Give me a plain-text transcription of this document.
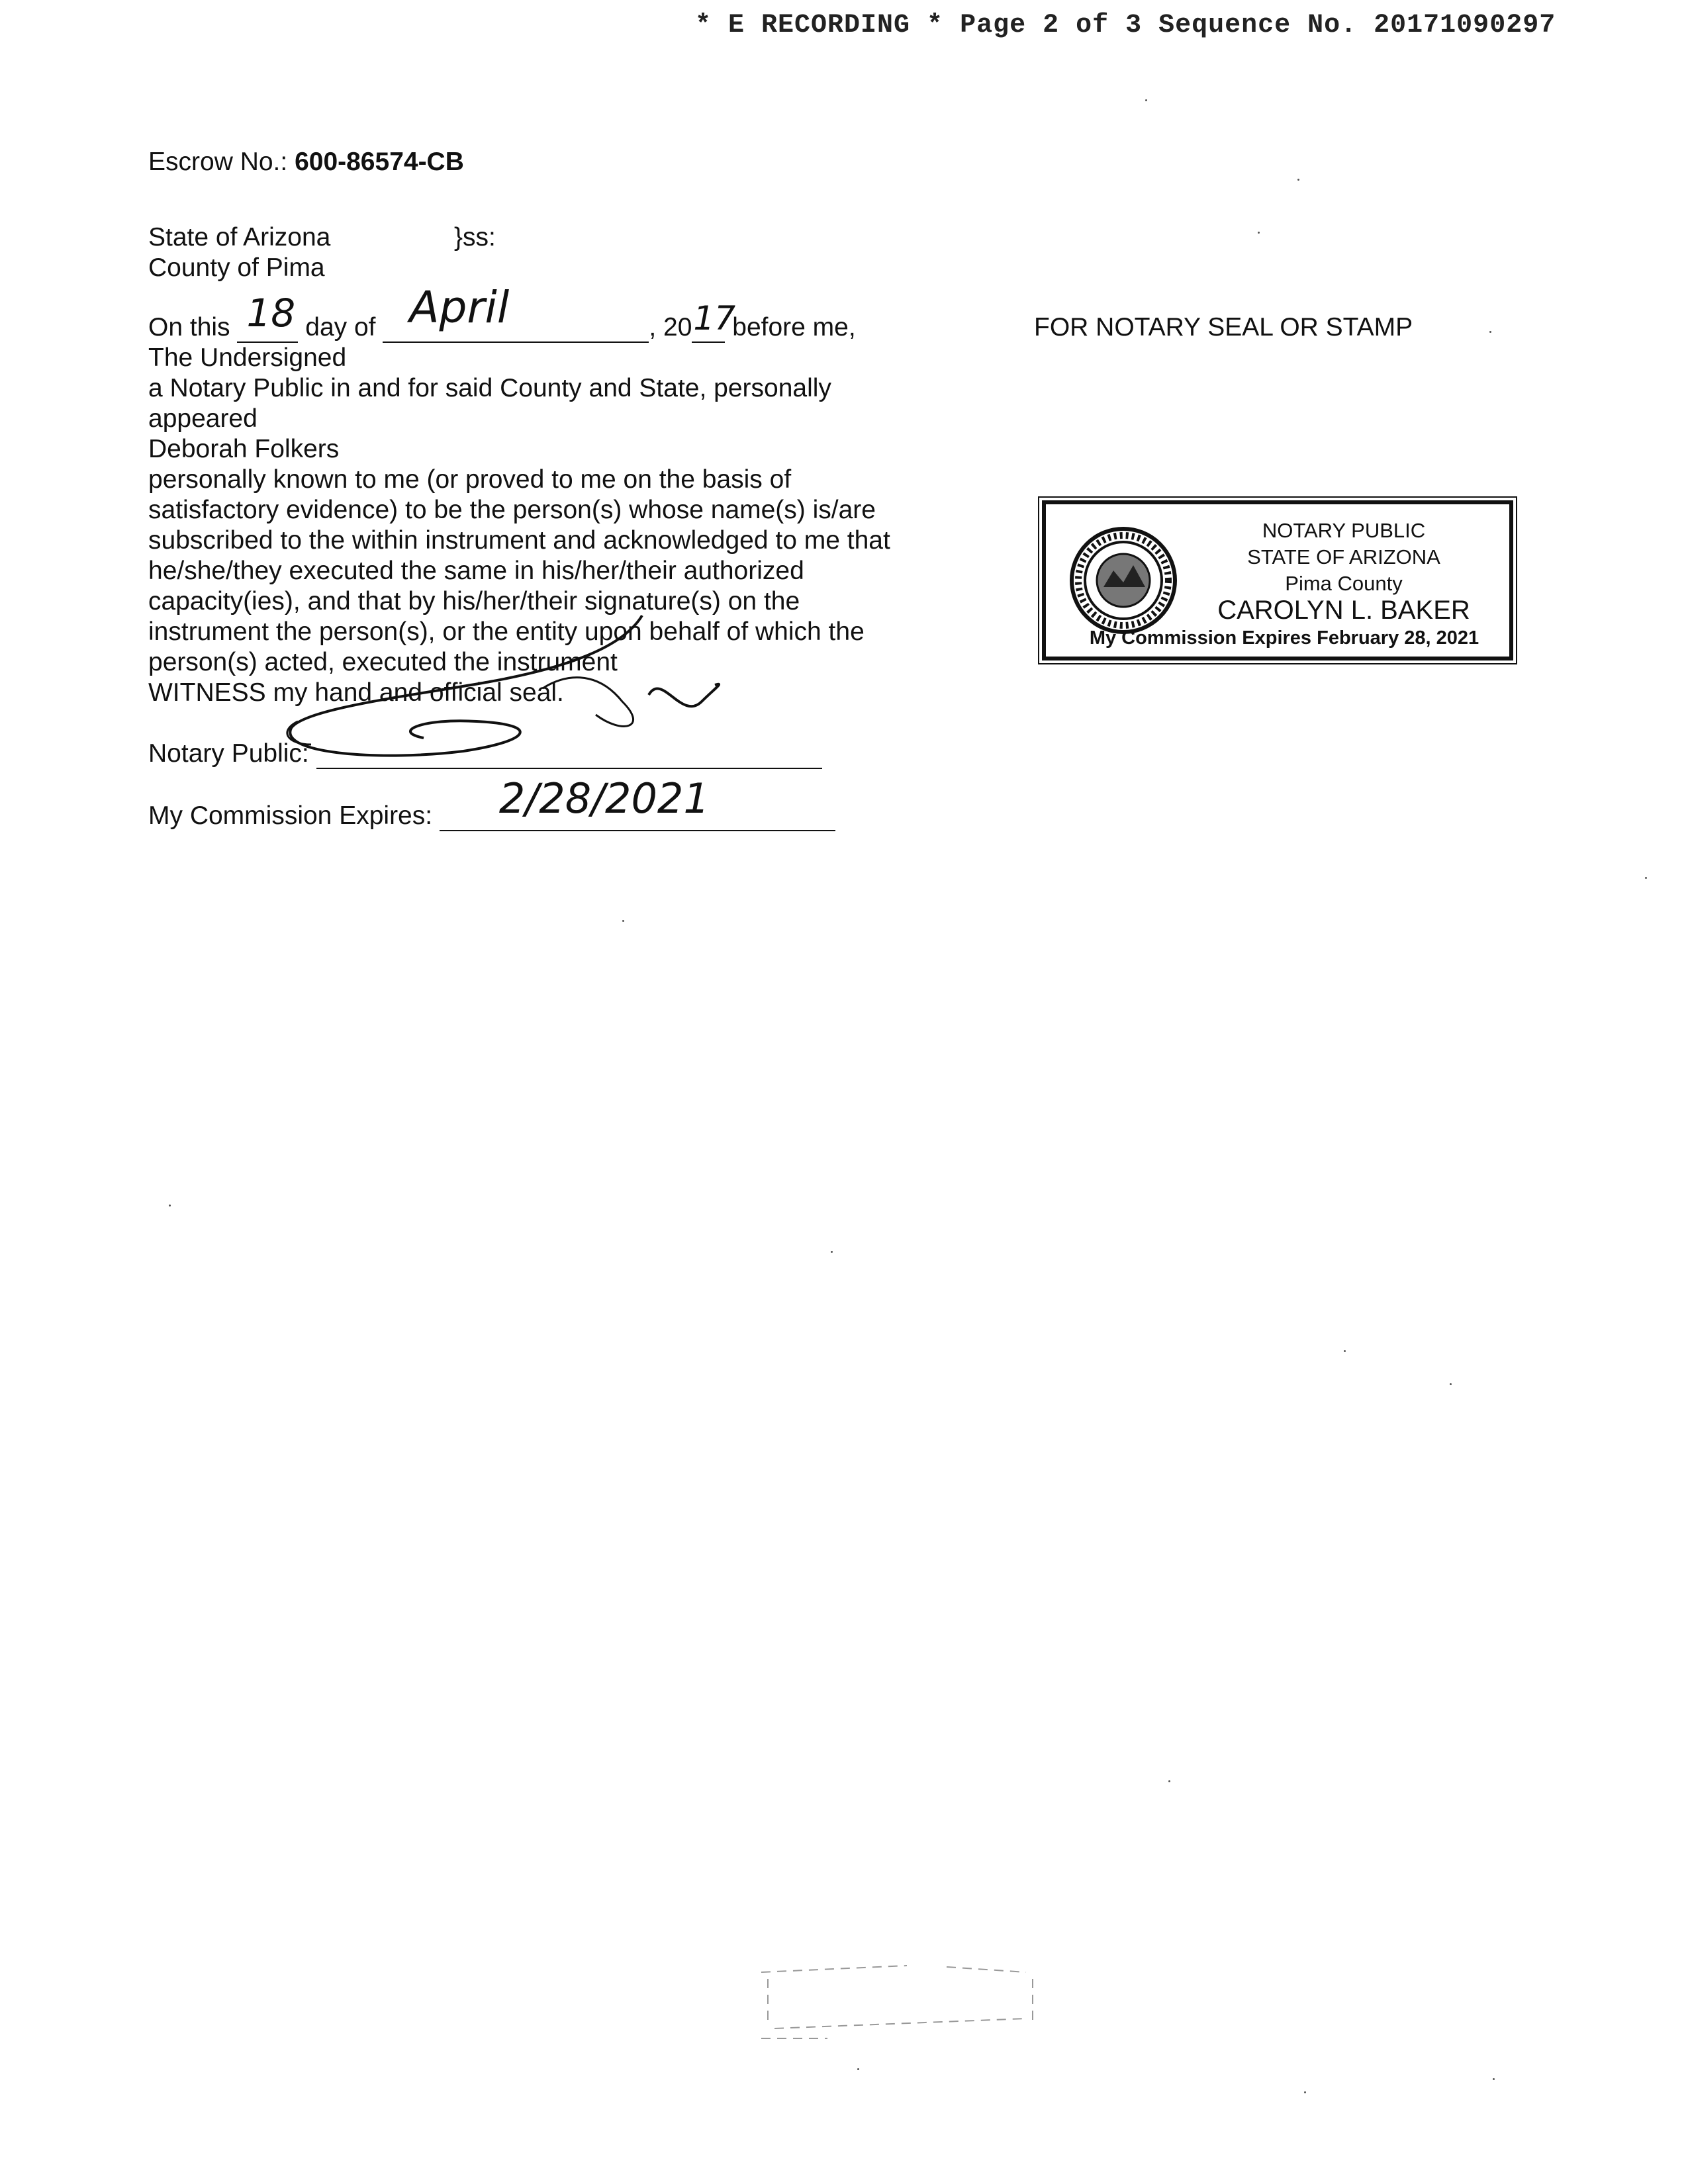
* E RECORDING * Page 2 of 3 Sequence No. 20171090297
Escrow No.: 600-86574-CB
State of Arizona	}ss:
County of Pima
On this 18 day of April	, 20 17
before me,	FOR NOTARY SEAL OR STAMP
The Undersigned
a Notary Public in and for said County and State, personally
appeared
Deborah Folkers
personally known to me (or proved to me on the basis of
satisfactory evidence) to be the person(s) whose name(s) is/are
subscribed to the within instrument and acknowledged to me that
he/she/they executed the same in his/her/their authorized
capacity(ies), and that by his/her/their signature(s) on the
instrument the person(s), or the entity upon behalf of which the
person(s) acted, executed the instrument
WITNESS my hand and official seal.
Notary Public:
My Commission Expires: 2/28/2021
NOTARY PUBLIC
STATE OF ARIZONA
Pima County
CAROLYN L. BAKER
My Commission Expires February 28, 2021
